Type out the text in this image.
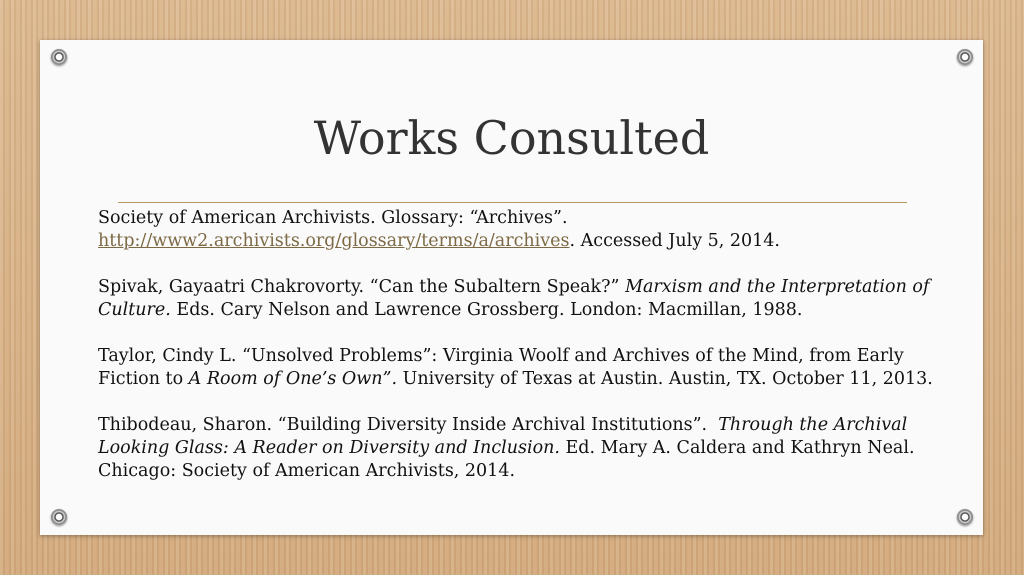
Works Consulted

Society of American Archivists. Glossary: “Archives”.
http://www2.archivists.org/glossary/terms/a/archives. Accessed July 5, 2014.

Spivak, Gayaatri Chakrovorty. “Can the Subaltern Speak?” Marxism and the Interpretation of Culture. Eds. Cary Nelson and Lawrence Grossberg. London: Macmillan, 1988.

Taylor, Cindy L. “Unsolved Problems”: Virginia Woolf and Archives of the Mind, from Early Fiction to A Room of One’s Own”. University of Texas at Austin. Austin, TX. October 11, 2013.

Thibodeau, Sharon. “Building Diversity Inside Archival Institutions”.  Through the Archival Looking Glass: A Reader on Diversity and Inclusion. Ed. Mary A. Caldera and Kathryn Neal. Chicago: Society of American Archivists, 2014.
